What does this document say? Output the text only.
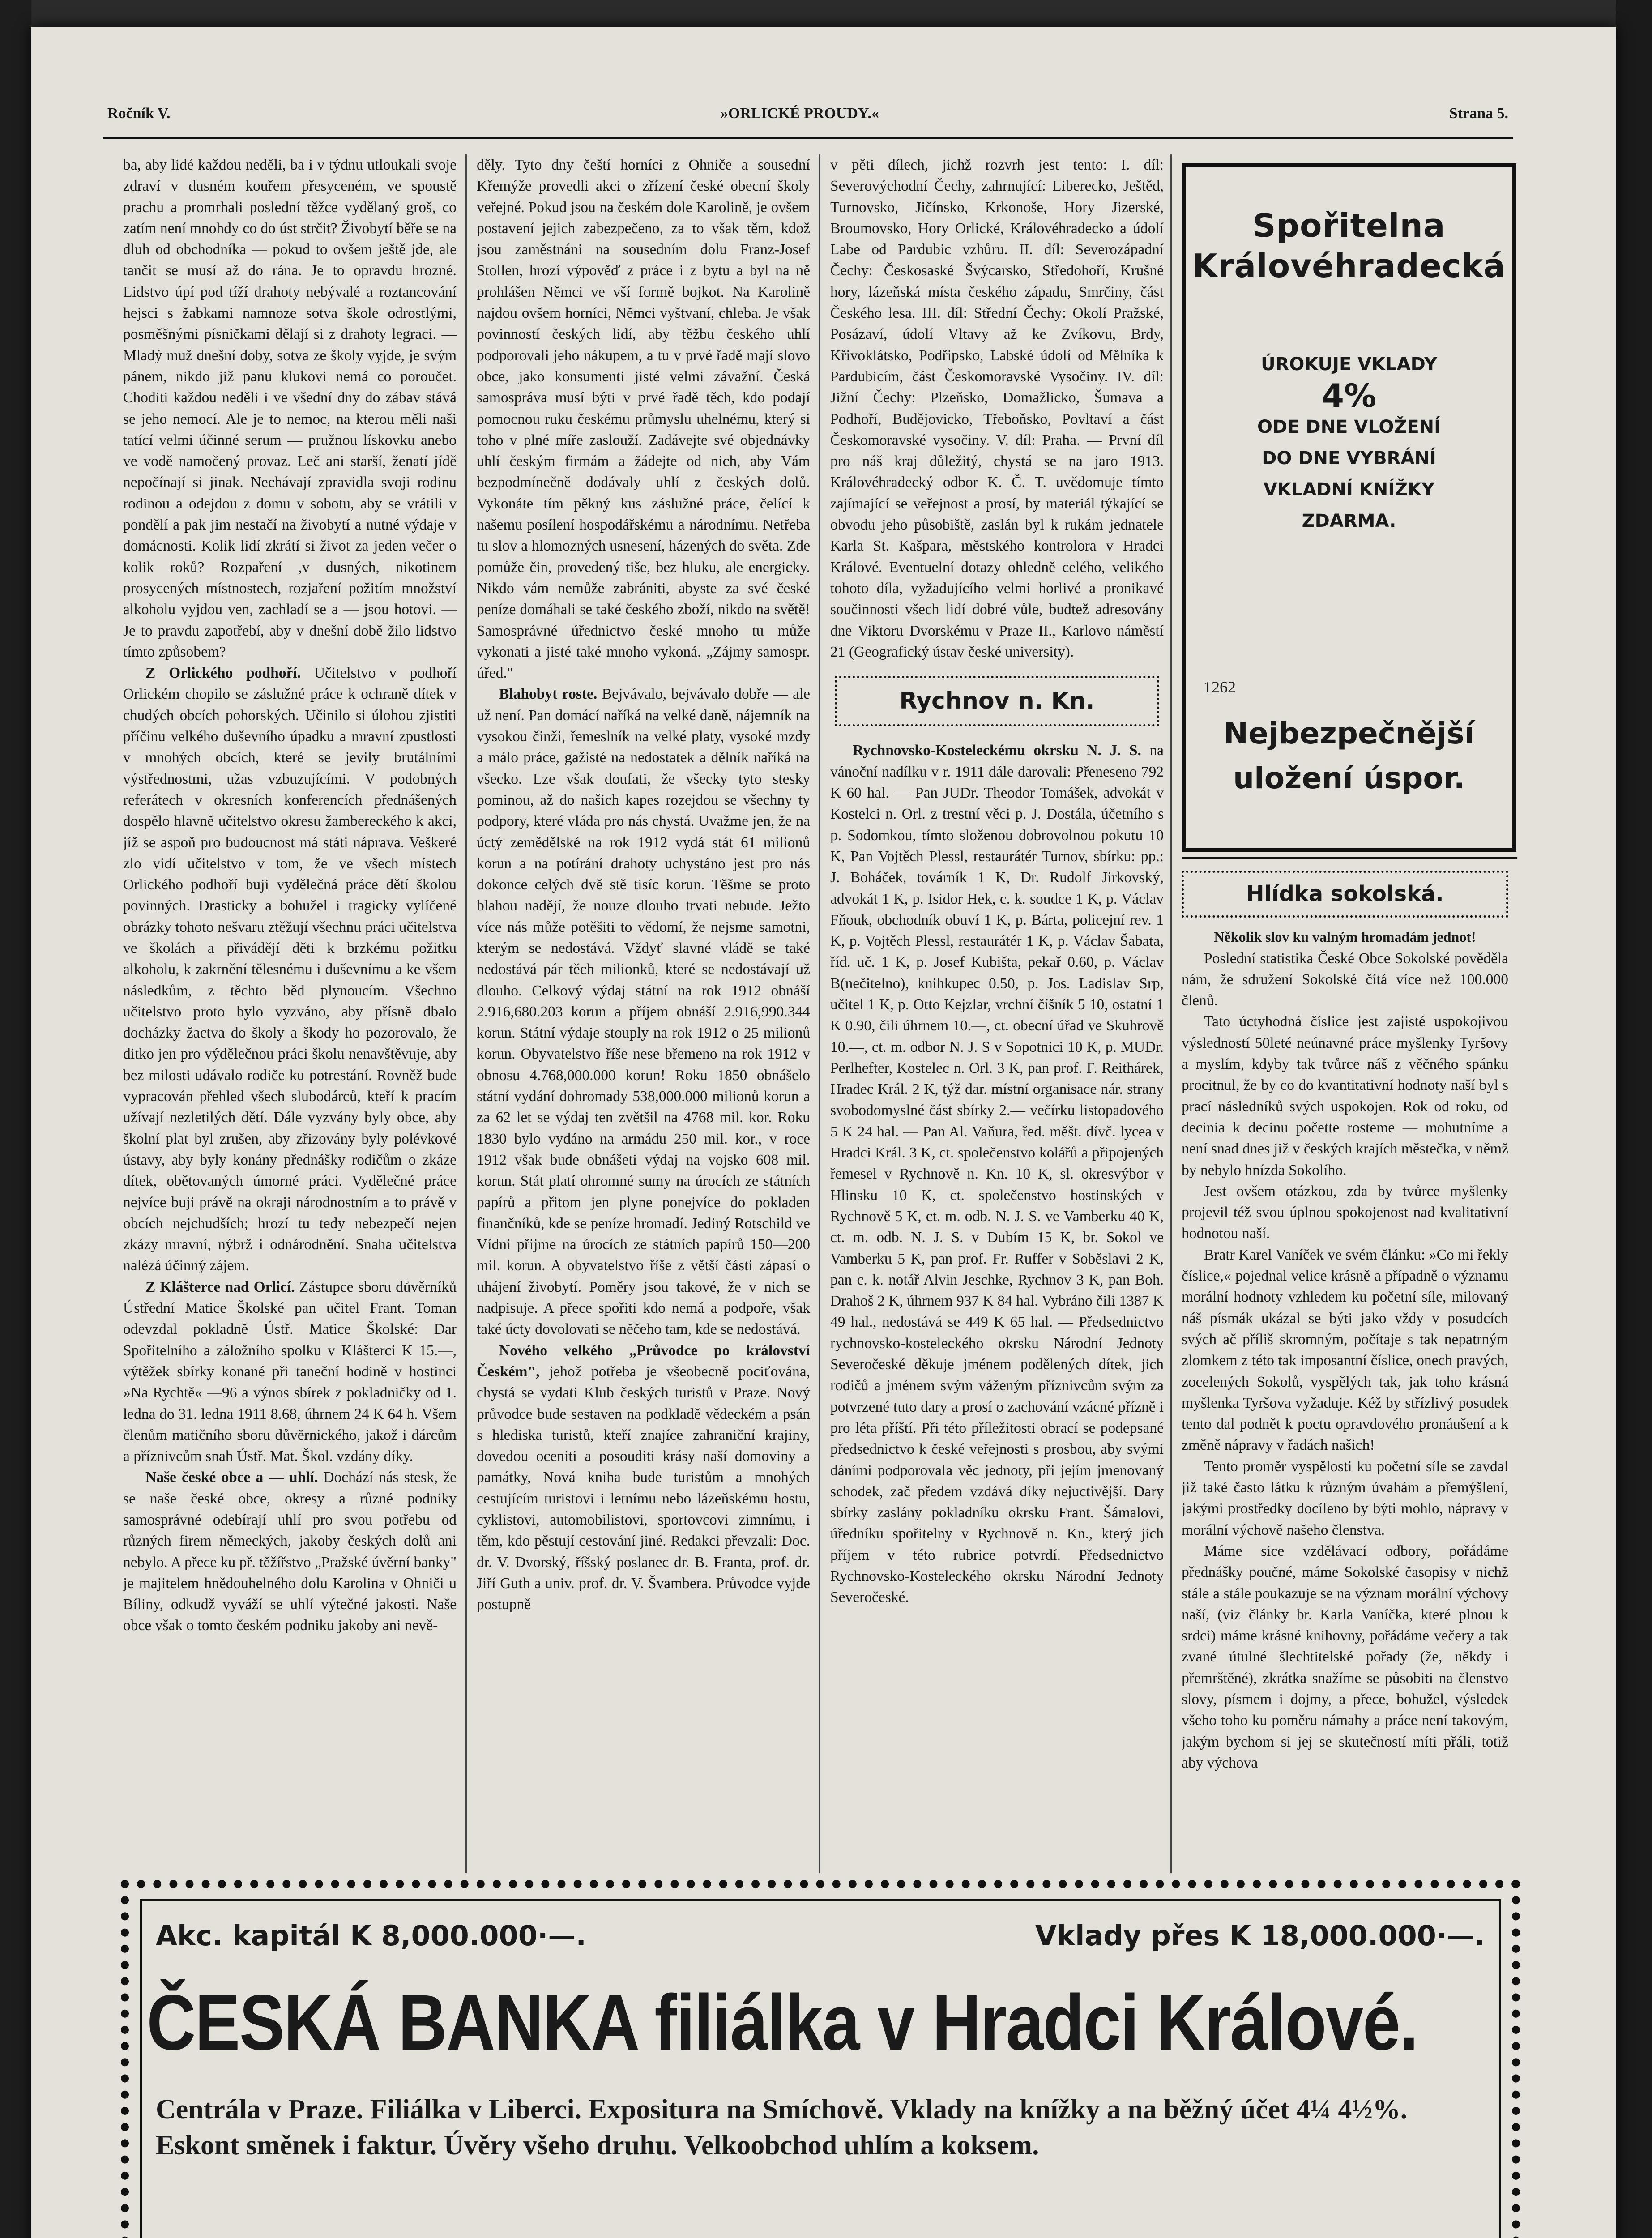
Ročník V.	»ORLICKÉ PROUDY.«	Strana 5.

ba, aby lidé každou neděli, ba i v týdnu utloukali svoje zdraví v dusném kouřem přesyceném, ve spoustě prachu a promrhali poslední těžce vydělaný groš, co zatím není mnohdy co do úst strčit? Živobytí běře se na dluh od obchodníka — pokud to ovšem ještě jde, ale tančit se musí až do rána. Je to opravdu hrozné. Lidstvo úpí pod tíží drahoty nebývalé a roztancování hejsci s žabkami namnoze sotva škole odrostlými, posměšnými písničkami dělají si z drahoty legraci. — Mladý muž dnešní doby, sotva ze školy vyjde, je svým pánem, nikdo již panu klukovi nemá co poroučet. Choditi každou neděli i ve všední dny do zábav stává se jeho nemocí. Ale je to nemoc, na kterou měli naši tatící velmi účinné serum — pružnou lískovku anebo ve vodě namočený provaz. Leč ani starší, ženatí jídě nepočínají si jinak. Nechávají zpravidla svoji rodinu rodinou a odejdou z domu v sobotu, aby se vrátili v pondělí a pak jim nestačí na živobytí a nutné výdaje v domácnosti. Kolik lidí zkrátí si život za jeden večer o kolik roků? Rozpaření ,v dusných, nikotinem prosycených místnostech, rozjaření požitím množství alkoholu vyjdou ven, zachladí se a — jsou hotovi. — Je to pravdu zapotřebí, aby v dnešní době žilo lidstvo tímto způsobem?

Z Orlického podhoří. Učitelstvo v podhoří Orlickém chopilo se záslužné práce k ochraně dítek v chudých obcích pohorských. Učinilo si úlohou zjistiti příčinu velkého duševního úpadku a mravní zpustlosti v mnohých obcích, které se jevily brutálními výstřednostmi, užas vzbuzujícími. V podobných referátech v okresních konferencích přednášených dospělo hlavně učitelstvo okresu žambereckého k akci, jíž se aspoň pro budoucnost má státi náprava. Veškeré zlo vidí učitelstvo v tom, že ve všech místech Orlického podhoří buji vydělečná práce dětí školou povinných. Drasticky a bohužel i tragicky vylíčené obrázky tohoto nešvaru ztěžují všechnu práci učitelstva ve školách a přivádějí děti k brzkému požitku alkoholu, k zakrnění tělesnému i duševnímu a ke všem následkům, z těchto běd plynoucím. Všechno učitelstvo proto bylo vyzváno, aby přísně dbalo docházky žactva do školy a škody ho pozorovalo, že ditko jen pro výdělečnou práci školu nenavštěvuje, aby bez milosti udávalo rodiče ku potrestání. Rovněž bude vypracován přehled všech slubodárců, kteří k pracím užívají nezletilých dětí. Dále vyzvány byly obce, aby školní plat byl zrušen, aby zřizovány byly polévkové ústavy, aby byly konány přednášky rodičům o zkáze dítek, obětovaných úmorné práci. Vydělečné práce nejvíce buji právě na okraji národnostním a to právě v obcích nejchudších; hrozí tu tedy nebezpečí nejen zkázy mravní, nýbrž i odnárodnění. Snaha učitelstva nalézá účinný zájem.

Z Klášterce nad Orlicí. Zástupce sboru důvěrníků Ústřední Matice Školské pan učitel Frant. Toman odevzdal pokladně Ústř. Matice Školské: Dar Spořitelního a záložního spolku v Klášterci K 15.—, výtěžek sbírky konané při taneční hodině v hostinci »Na Rychtě« —96 a výnos sbírek z pokladničky od 1. ledna do 31. ledna 1911 8.68, úhrnem 24 K 64 h. Všem členům matičního sboru důvěrnického, jakož i dárcům a příznivcům snah Ústř. Mat. Škol. vzdány díky.

Naše české obce a — uhlí. Dochází nás stesk, že se naše české obce, okresy a různé podniky samosprávné odebírají uhlí pro svou potřebu od různých firem německých, jakoby českých dolů ani nebylo. A přece ku př. těžířstvo „Pražské úvěrní banky" je majitelem hnědouhelného dolu Karolina v Ohniči u Bíliny, odkudž vyváží se uhlí výtečné jakosti. Naše obce však o tomto českém podniku jakoby ani nevě-

děly. Tyto dny čeští horníci z Ohniče a sousední Křemýže provedli akci o zřízení české obecní školy veřejné. Pokud jsou na českém dole Karolině, je ovšem postavení jejich zabezpečeno, za to však těm, kdož jsou zaměstnáni na sousedním dolu Franz-Josef Stollen, hrozí výpověď z práce i z bytu a byl na ně prohlášen Němci ve vší formě bojkot. Na Karolině najdou ovšem horníci, Němci vyštvaní, chleba. Je však povinností českých lidí, aby těžbu českého uhlí podporovali jeho nákupem, a tu v prvé řadě mají slovo obce, jako konsumenti jisté velmi závažní. Česká samosprávа musí býti v prvé řadě těch, kdo podají pomocnou ruku českému průmyslu uhelnému, který si toho v plné míře zaslouží. Zadávejte své objednávky uhlí českým firmám a žádejte od nich, aby Vám bezpodmínečně dodávaly uhlí z českých dolů. Vykonáte tím pěkný kus záslužné práce, čelící k našemu posílení hospodářskému a národnímu. Netřeba tu slov a hlomozných usnesení, házených do světa. Zde pomůže čin, provedený tiše, bez hluku, ale energicky. Nikdo vám nemůže zabrániti, abyste za své české peníze domáhali se také českého zboží, nikdo na světě! Samosprávné úřednictvo české mnoho tu může vykonati a jisté také mnoho vykoná. „Zájmy samospr. úřed."

Blahobyt roste. Bejvávalo, bejvávalo dobře — ale už není. Pan domácí naříká na velké daně, nájemník na vysokou činži, řemeslník na velké platy, vysoké mzdy a málo práce, gažisté na nedostatek a dělník naříká na všecko. Lze však doufati, že všecky tyto stesky pominou, až do našich kapes rozejdou se všechny ty podpory, které vláda pro nás chystá. Uvažme jen, že na úctý zemědělské na rok 1912 vydá stát 61 milionů korun a na potírání drahoty uchystáno jest pro nás dokonce celých dvě stě tisíc korun. Těšme se proto blahou nadějí, že nouze dlouho trvati nebude. Ježto více nás může potěšiti to vědomí, že nejsme samotni, kterým se nedostává. Vždyť slavné vládě se také nedostává pár těch milionků, které se nedostávají už dlouho. Celkový výdaj státní na rok 1912 obnáší 2.916,680.203 korun a příjem obnáší 2.916,990.344 korun. Státní výdaje stouply na rok 1912 o 25 milionů korun. Obyvatelstvo říše nese břemeno na rok 1912 v obnosu 4.768,000.000 korun! Roku 1850 obnášelo státní vydání dohromady 538,000.000 milionů korun a za 62 let se výdaj ten zvětšil na 4768 mil. kor. Roku 1830 bylo vydáno na armádu 250 mil. kor., v roce 1912 však bude obnášeti výdaj na vojsko 608 mil. korun. Stát platí ohromné sumy na úrocích ze státních papírů a přitom jen plyne ponejvíce do pokladen finančníků, kde se peníze hromadí. Jediný Rotschild ve Vídni přijme na úrocích ze státních papírů 150—200 mil. korun. A obyvatelstvo říše z větší části zápasí o uhájení živobytí. Poměry jsou takové, že v nich se nadpisuje. A přece spořiti kdo nemá a podpoře, však také úcty dovolovati se něčeho tam, kde se nedostává.

Nového velkého „Průvodce po království Českém", jehož potřeba je všeobecně pociťována, chystá se vydati Klub českých turistů v Praze. Nový průvodce bude sestaven na podkladě vědeckém a psán s hlediska turistů, kteří znajíce zahraniční krajiny, dovedou oceniti a posouditi krásy naší domoviny a památky, Nová kniha bude turistům a mnohých cestujícím turistovi i letnímu nebo lázeňskému hostu, cyklistovi, automobilistovi, sportovcovi zimnímu, i těm, kdo pěstují cestování jiné. Redakci převzali: Doc. dr. V. Dvorský, říšský poslanec dr. B. Franta, prof. dr. Jiří Guth a univ. prof. dr. V. Švambera. Průvodce vyjde postupně

v pěti dílech, jichž rozvrh jest tento: I. díl: Severovýchodní Čechy, zahrnující: Liberecko, Ještěd, Turnovsko, Jičínsko, Krkonoše, Hory Jizerské, Broumovsko, Hory Orlické, Královéhradecko a údolí Labe od Pardubic vzhůru. II. díl: Severozápadní Čechy: Českosaské Švýcarsko, Středohoří, Krušné hory, lázeňská místa českého západu, Smrčiny, část Českého lesa. III. díl: Střední Čechy: Okolí Pražské, Posázaví, údolí Vltavy až ke Zvíkovu, Brdy, Křivoklátsko, Podřipsko, Labské údolí od Mělníka k Pardubicím, část Českomoravské Vysočiny. IV. díl: Jižní Čechy: Plzeňsko, Domažlicko, Šumava a Podhoří, Budějovicko, Třeboňsko, Povltaví a část Českomoravské vysočiny. V. díl: Praha. — První díl pro náš kraj důležitý, chystá se na jaro 1913. Královéhradecký odbor K. Č. T. uvědomuje tímto zajímající se veřejnost a prosí, by materiál týkající se obvodu jeho působiště, zaslán byl k rukám jednatele Karla St. Kašpara, městského kontrolora v Hradci Králové. Eventuelní dotazy ohledně celého, velikého tohoto díla, vyžadujícího velmi horlivé a pronikavé součinnosti všech lidí dobré vůle, budtež adresovány dne Viktoru Dvorskému v Praze II., Karlovo náměstí 21 (Geografický ústav české university).

Rychnov n. Kn.

Rychnovsko-Kosteleckému okrsku N. J. S. na vánoční nadílku v r. 1911 dále darovali: Přeneseno 792 K 60 hal. — Pan JUDr. Theodor Tomášek, advokát v Kostelci n. Orl. z trestní věci p. J. Dostála, účetního s p. Sodomkou, tímto složenou dobrovolnou pokutu 10 K, Pan Vojtěch Plessl, restaurátér Turnov, sbírku: pp.: J. Boháček, továrník 1 K, Dr. Rudolf Jirkovský, advokát 1 K, p. Isidor Hek, c. k. soudce 1 K, p. Václav Fňouk, obchodník obuví 1 K, p. Bárta, policejní rev. 1 K, p. Vojtěch Plessl, restaurátér 1 K, p. Václav Šabata, říd. uč. 1 K, p. Josef Kubišta, pekař 0.60, p. Václav B(nečitelno), knihkupec 0.50, p. Jos. Ladislav Srp, učitel 1 K, p. Otto Kejzlar, vrchní číšník 5 10, ostatní 1 K 0.90, čili úhrnem 10.—, ct. obecní úřad ve Skuhrově 10.—, ct. m. odbor N. J. S v Sopotnici 10 K, p. MUDr. Perlhefter, Kostelec n. Orl. 3 K, pan prof. F. Reithárek, Hradec Král. 2 K, týž dar. místní organisace nár. strany svobodomyslné část sbírky 2.— večírku listopadového 5 K 24 hal. — Pan Al. Vaňura, řed. měšt. dívč. lycea v Hradci Král. 3 K, ct. společenstvo kolářů a připojených řemesel v Rychnově n. Kn. 10 K, sl. okresvýbor v Hlinsku 10 K, ct. společenstvo hostinských v Rychnově 5 K, ct. m. odb. N. J. S. ve Vamberku 40 K, ct. m. odb. N. J. S. v Dubím 15 K, br. Sokol ve Vamberku 5 K, pan prof. Fr. Ruffer v Soběslavi 2 K, pan c. k. notář Alvin Jeschke, Rychnov 3 K, pan Boh. Drahoš 2 K, úhrnem 937 K 84 hal. Vybráno čili 1387 K 49 hal., nedostává se 449 K 65 hal. — Předsednictvo rychnovsko-kosteleckého okrsku Národní Jednoty Severočeské děkuje jménem podělených dítek, jich rodičů a jménem svým váženým příznivcům svým za potvrzené tuto dary a prosí o zachování vzácné přízně i pro léta příští. Při této příležitosti obrací se podepsané předsednictvo k české veřejnosti s prosbou, aby svými dáními podporovala věc jednoty, při jejím jmenovaný schodek, zač předem vzdává díky nejuctivější. Dary sbírky zaslány pokladníku okrsku Frant. Šámalovi, úředníku spořitelny v Rychnově n. Kn., který jich příjem v této rubrice potvrdí. Předsednictvo Rychnovsko-Kosteleckého okrsku Národní Jednoty Severočeské.

Spořitelna
Královéhradecká
ÚROKUJE VKLADY
4%
ODE DNE VLOŽENÍ
DO DNE VYBRÁNÍ
VKLADNÍ KNÍŽKY
ZDARMA.
1262
Nejbezpečnější
uložení úspor.
Hlídka sokolská.
Několik slov ku valným hromadám jednot!

Poslední statistika České Obce Sokolské pověděla nám, že sdružení Sokolské čítá více než 100.000 členů.

Tato úctyhodná číslice jest zajisté uspokojivou výsledností 50leté neúnavné práce myšlenky Tyršovy a myslím, kdyby tak tvůrce náš z věčného spánku procitnul, že by co do kvantitativní hodnoty naší byl s prací následníků svých uspokojen. Rok od roku, od decinia k decinu počette rosteme — mohutníme a není snad dnes již v českých krajích městečka, v němž by nebylo hnízda Sokolího.

Jest ovšem otázkou, zda by tvůrce myšlenky projevil též svou úplnou spokojenost nad kvalitativní hodnotou naší.

Bratr Karel Vaníček ve svém článku: »Co mi řekly číslice,« pojednal velice krásně a případně o významu morální hodnoty vzhledem ku početní síle, milovaný náš písmák ukázal se býti jako vždy v posudcích svých ač příliš skromným, počítaje s tak nepatrným zlomkem z této tak imposantní číslice, onech pravých, zocelených Sokolů, vyspělých tak, jak toho krásná myšlenka Tyršova vyžaduje. Kéž by střízlivý posudek tento dal podnět k poctu opravdového pronáušení a k změně nápravy v řadách našich!

Tento proměr vyspělosti ku početní síle se zavdal již také často látku k různým úvahám a přemýšlení, jakými prostředky docíleno by býti mohlo, nápravy v morální výchově našeho členstva.

Máme sice vzdělávací odbory, pořádáme přednášky poučné, máme Sokolské časopisy v nichž stále a stále poukazuje se na význam morální výchovy naší, (viz články br. Karla Vaníčka, které plnou k srdci) máme krásné knihovny, pořádáme večery a tak zvané útulné šlechtitelské pořady (že, někdy i přemrštěné), zkrátka snažíme se působiti na členstvo slovy, písmem i dojmy, a přece, bohužel, výsledek všeho toho ku poměru námahy a práce není takovým, jakým bychom si jej se skutečností míti přáli, totiž aby výchova

Akc. kapitál K 8,000.000·—.	Vklady přes K 18,000.000·—.
ČESKÁ BANKA filiálka v Hradci Králové.
Centrála v Praze. Filiálka v Liberci. Expositura na Smíchově. Vklady na knížky a na běžný účet 4¼ 4½%. Eskont směnek i faktur. Úvěry všeho druhu. Velkoobchod uhlím a koksem.
